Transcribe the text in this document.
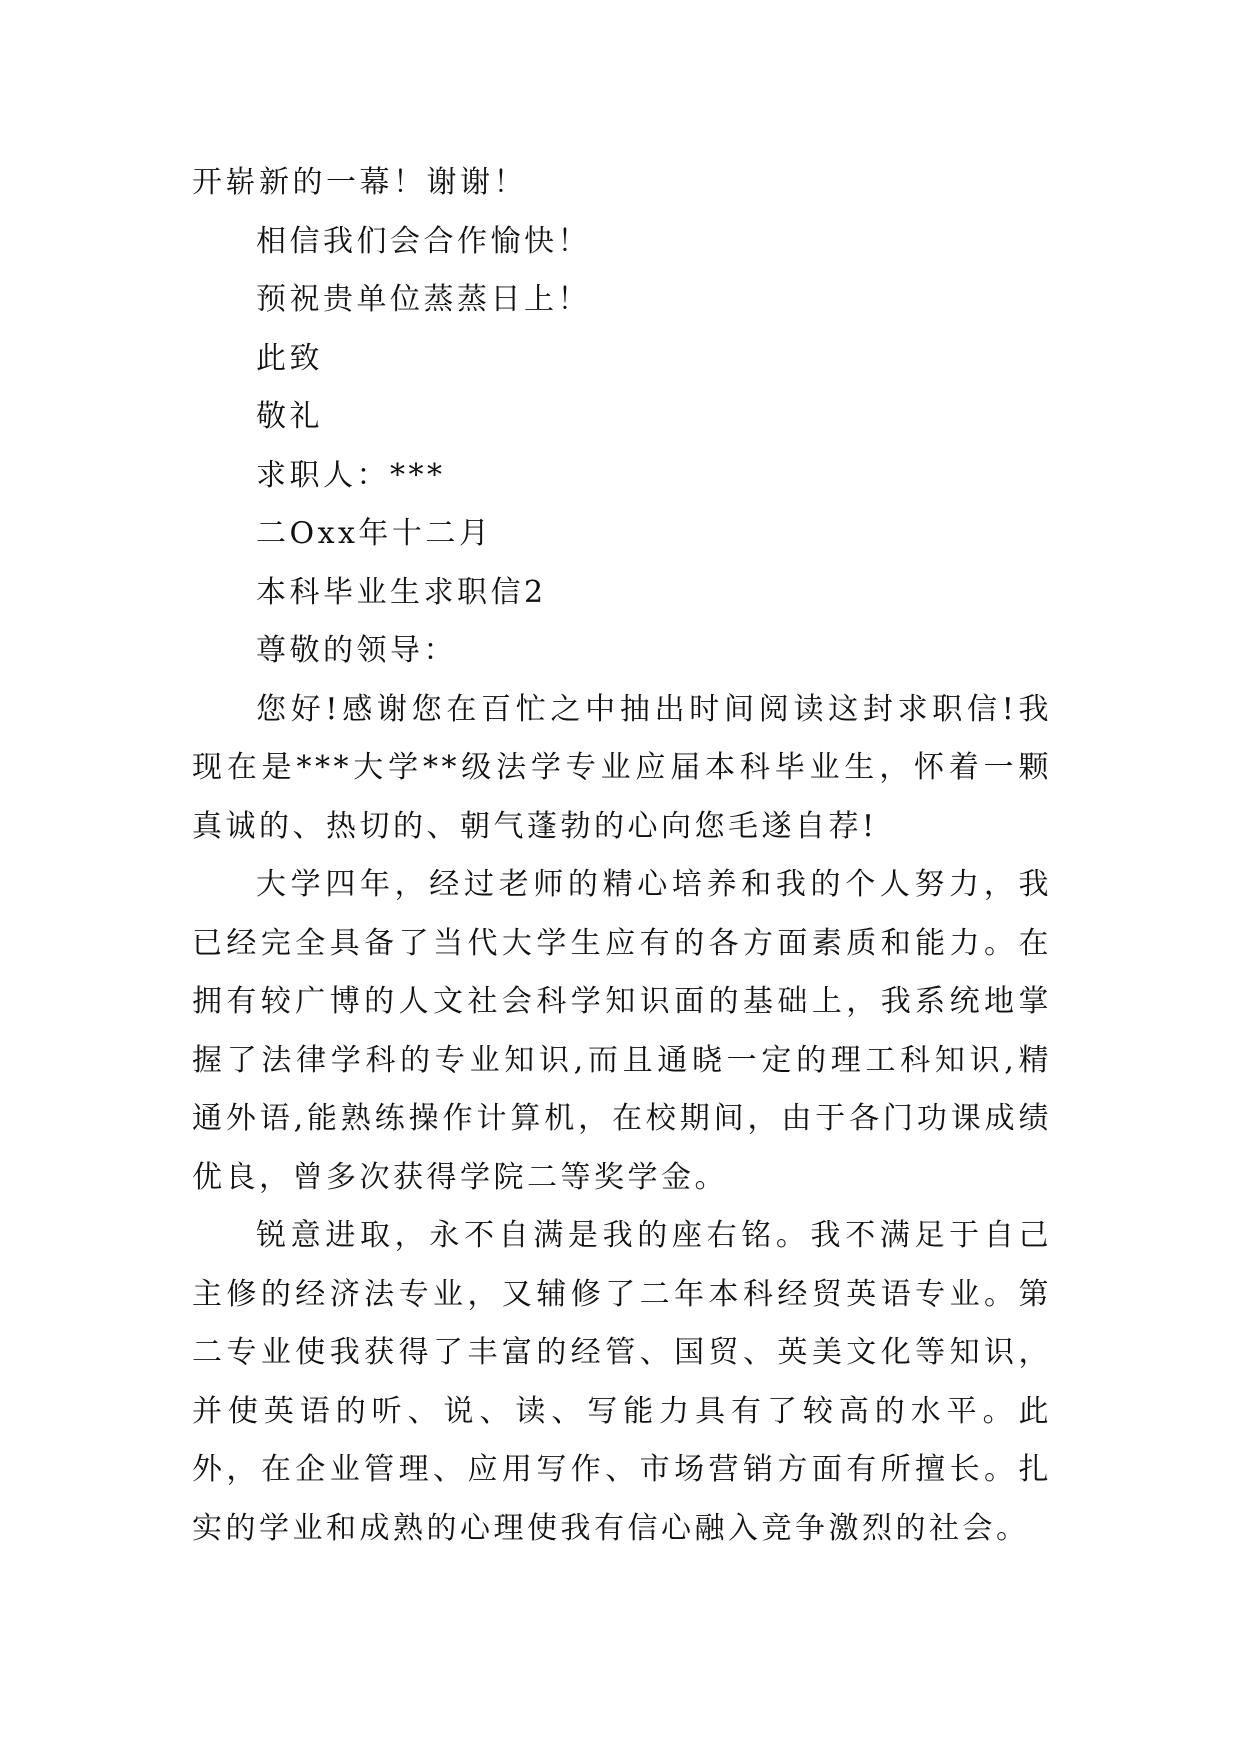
开崭新的一幕！谢谢！
相信我们会合作愉快！
预祝贵单位蒸蒸日上！
此致
敬礼
求职人：***
二Оxx年十二月
本科毕业生求职信2
尊敬的领导：

您好!感谢您在百忙之中抽出时间阅读这封求职信!我现在是***大学**级法学专业应届本科毕业生，怀着一颗真诚的、热切的、朝气蓬勃的心向您毛遂自荐!

大学四年，经过老师的精心培养和我的个人努力，我已经完全具备了当代大学生应有的各方面素质和能力。在拥有较广博的人文社会科学知识面的基础上，我系统地掌握了法律学科的专业知识,而且通晓一定的理工科知识,精通外语,能熟练操作计算机，在校期间，由于各门功课成绩优良，曾多次获得学院二等奖学金。

锐意进取，永不自满是我的座右铭。我不满足于自己主修的经济法专业，又辅修了二年本科经贸英语专业。第二专业使我获得了丰富的经管、国贸、英美文化等知识，并使英语的听、说、读、写能力具有了较高的水平。此外，在企业管理、应用写作、市场营销方面有所擅长。扎实的学业和成熟的心理使我有信心融入竞争激烈的社会。
